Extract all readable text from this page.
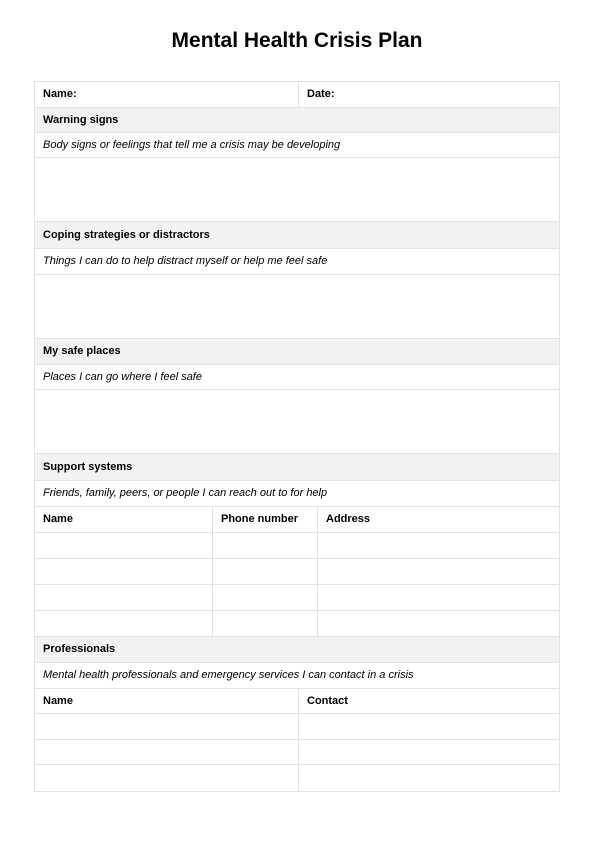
Mental Health Crisis Plan
Name:	Date:
Warning signs
Body signs or feelings that tell me a crisis may be developing
Coping strategies or distractors
Things I can do to help distract myself or help me feel safe
My safe places
Places I can go where I feel safe
Support systems
Friends, family, peers, or people I can reach out to for help
Name	Phone number	Address
Professionals
Mental health professionals and emergency services I can contact in a crisis
Name	Contact
